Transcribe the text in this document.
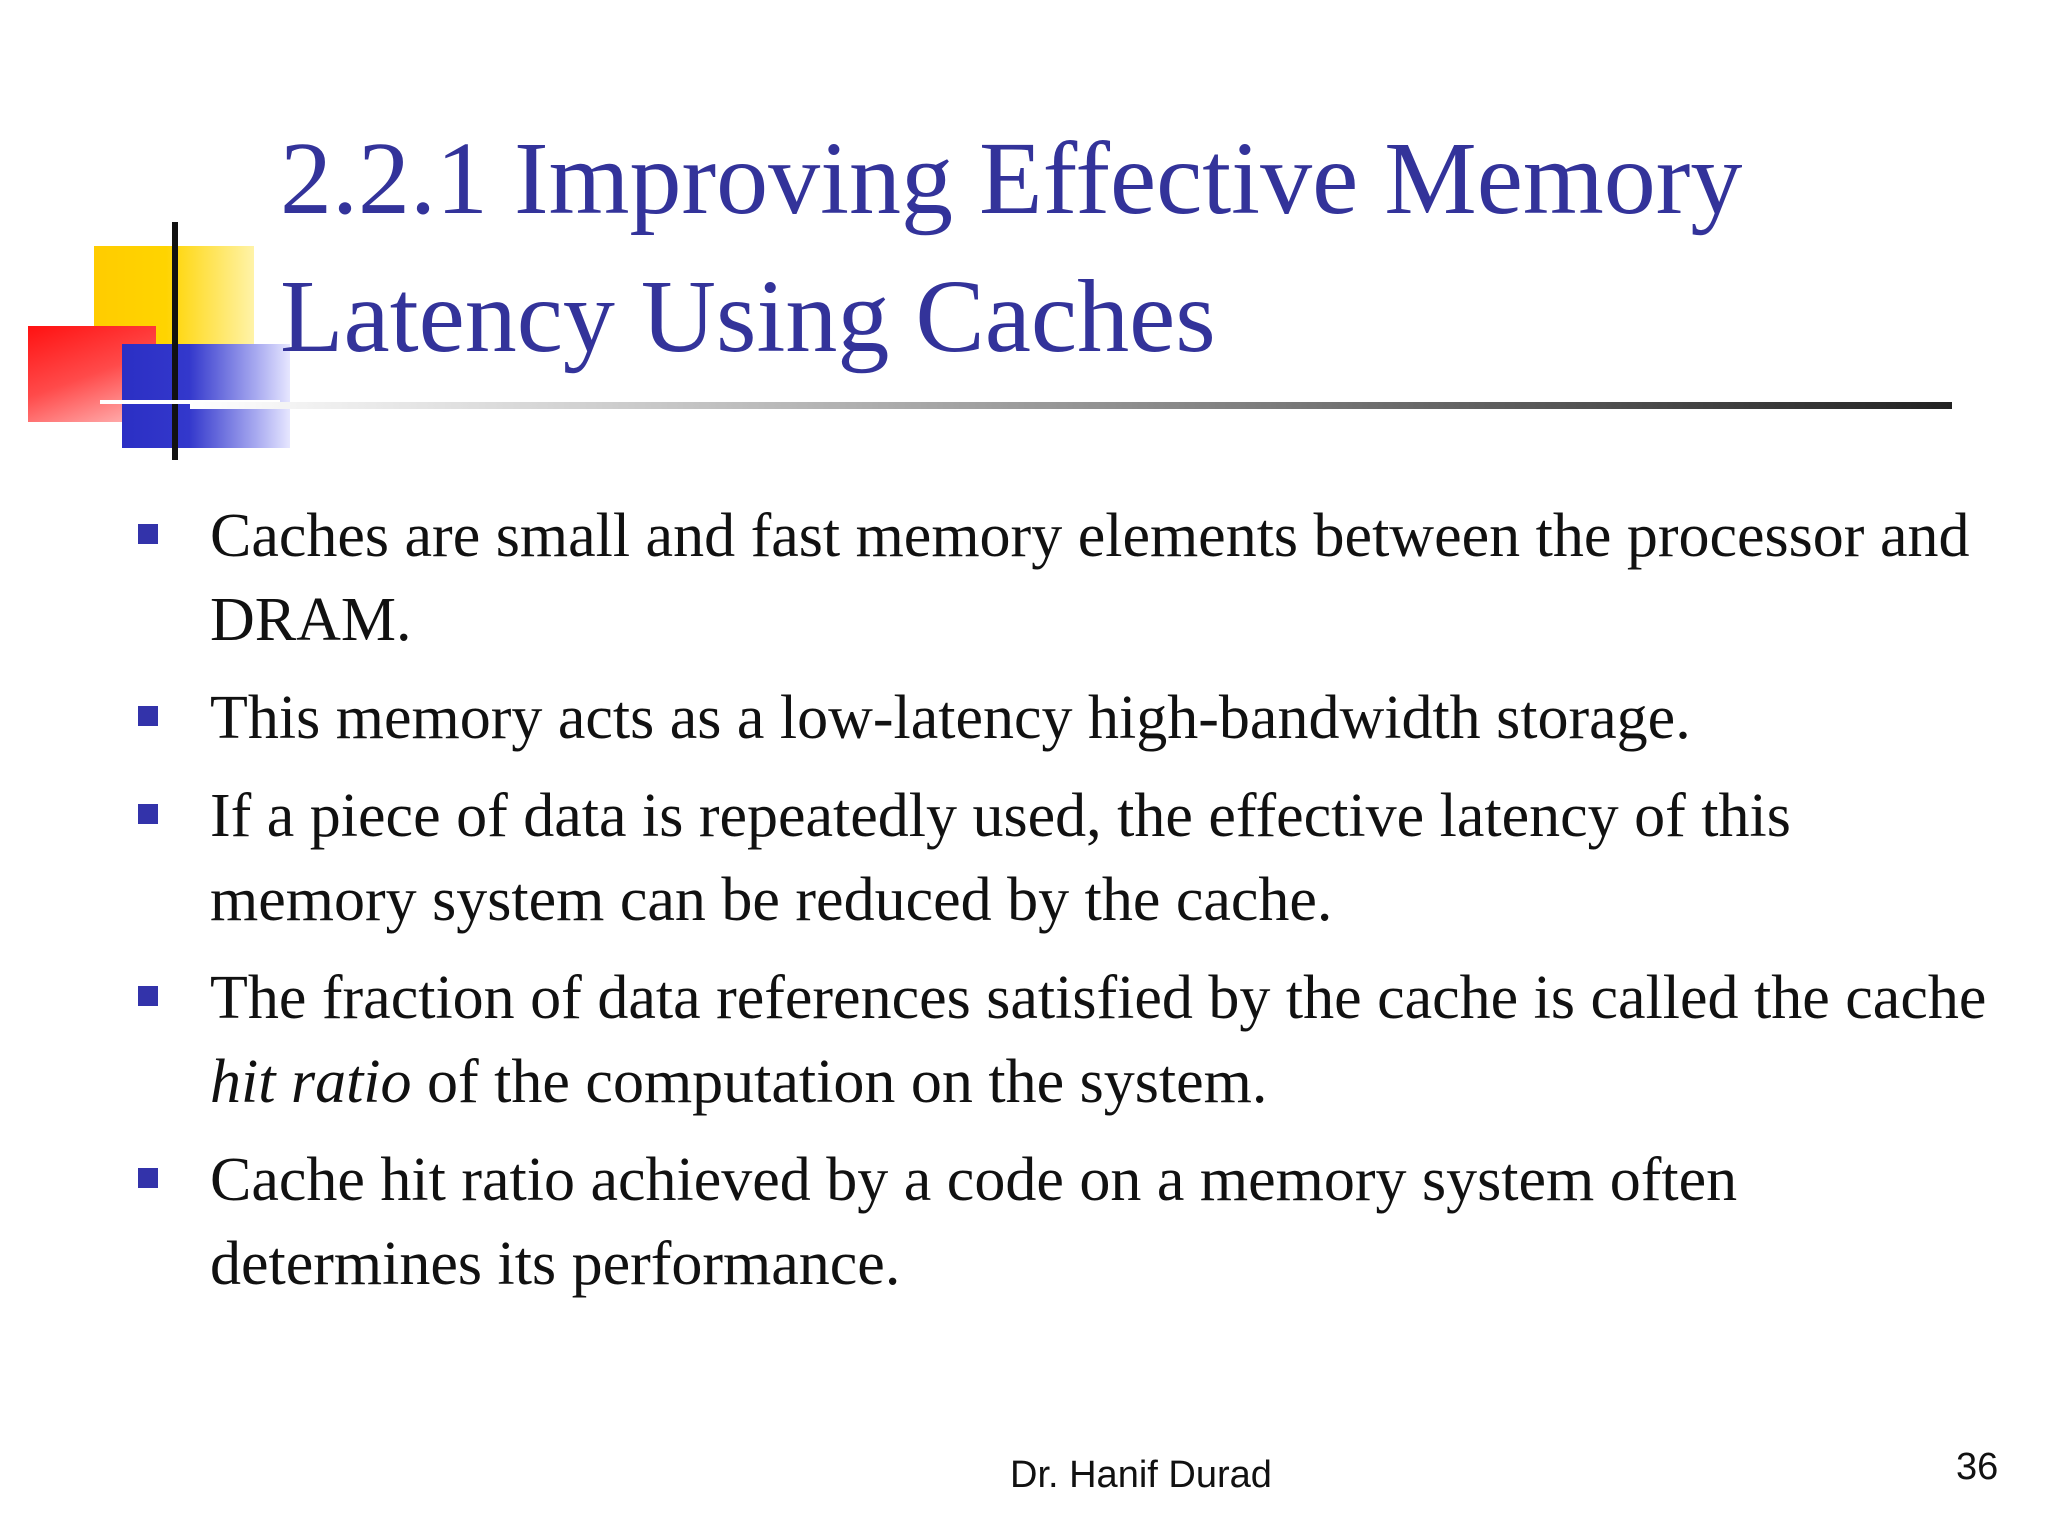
2.2.1 Improving Effective Memory
Latency Using Caches
Caches are small and fast memory elements between the processor and DRAM.
This memory acts as a low-latency high-bandwidth storage.
If a piece of data is repeatedly used, the effective latency of this memory system can be reduced by the cache.
The fraction of data references satisfied by the cache is called the cache hit ratio of the computation on the system.
Cache hit ratio achieved by a code on a memory system often determines its performance.
Dr. Hanif Durad	36
